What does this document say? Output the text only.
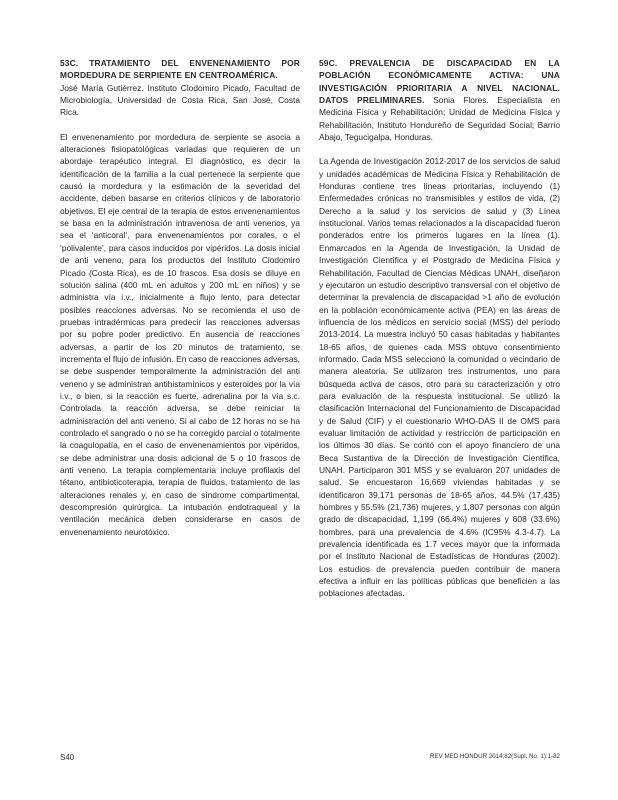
53C. TRATAMIENTO DEL ENVENENAMIENTO POR MORDEDURA DE SERPIENTE EN CENTROAMÉRICA.
José María Gutiérrez. Instituto Clodomiro Picado, Facultad de Microbiología, Universidad de Costa Rica, San José, Costa Rica.

El envenenamiento por mordedura de serpiente se asocia a alteraciones fisiopatológicas variadas que requieren de un abordaje terapéutico integral. El diagnóstico, es decir la identificación de la familia a la cual pertenece la serpiente que causó la mordedura y la estimación de la severidad del accidente, deben basarse en criterios clínicos y de laboratorio objetivos. El eje central de la terapia de estos envenenamientos se basa en la administración intravenosa de anti venenos, ya sea el ‘anticoral’, para envenenamientos por corales, o el ‘polivalente’, para casos inducidos por vipéridos. La dosis inicial de anti veneno, para los productos del Instituto Clodomiro Picado (Costa Rica), es de 10 frascos. Esa dosis se diluye en solución salina (400 mL en adultos y 200 mL en niños) y se administra vía i.v., inicialmente a flujo lento, para detectar posibles reacciones adversas. No se recomienda el uso de pruebas intradérmicas para predecir las reacciones adversas por su pobre poder predictivo. En ausencia de reacciones adversas, a partir de los 20 minutos de tratamiento, se incrementa el flujo de infusión. En caso de reacciones adversas, se debe suspender temporalmente la administración del anti veneno y se administran antihistamínicos y esteroides por la vía i.v., o bien, si la reacción es fuerte, adrenalina por la vía s.c. Controlada la reacción adversa, se debe reiniciar la administración del anti veneno. Si al cabo de 12 horas no se ha controlado el sangrado o no se ha corregido parcial o totalmente la coagulopatía, en el caso de envenenamientos por vipéridos, se debe administrar una dosis adicional de 5 o 10 frascos de anti veneno. La terapia complementaria incluye profilaxis del tétano, antibioticoterapia, terapia de fluidos, tratamiento de las alteraciones renales y, en caso de síndrome compartimental, descompresión quirúrgica. La intubación endotraqueal y la ventilación mecánica deben considerarse en casos de envenenamiento neurotóxico.

59C. PREVALENCIA DE DISCAPACIDAD EN LA POBLACIÓN ECONÓMICAMENTE ACTIVA: UNA INVESTIGACIÓN PRIORITARIA A NIVEL NACIONAL. DATOS PRELIMINARES. Sonia Flores. Especialista en Medicina Física y Rehabilitación; Unidad de Medicina Física y Rehabilitación, Instituto Hondureño de Seguridad Social; Barrio Abajo, Tegucigalpa, Honduras.

La Agenda de Investigación 2012-2017 de los servicios de salud y unidades académicas de Medicina Física y Rehabilitación de Honduras contiene tres líneas prioritarias, incluyendo (1) Enfermedades crónicas no transmisibles y estilos de vida, (2) Derecho a la salud y los servicios de salud y (3) Línea institucional. Varios temas relacionados a la discapacidad fueron ponderados entre los primeros lugares en la línea (1). Enmarcados en la Agenda de Investigación, la Unidad de Investigación Científica y el Postgrado de Medicina Física y Rehabilitación, Facultad de Ciencias Médicas UNAH, diseñaron y ejecutaron un estudio descriptivo transversal con el objetivo de determinar la prevalencia de discapacidad >1 año de evolución en la población económicamente activa (PEA) en las áreas de influencia de los médicos en servicio social (MSS) del período 2013-2014. La muestra incluyó 50 casas habitadas y habitantes 18-65 años, de quienes cada MSS obtuvo consentimiento informado. Cada MSS seleccionó la comunidad o vecindario de manera aleatoria. Se utilizaron tres instrumentos, uno para búsqueda activa de casos, otro para su caracterización y otro para evaluación de la respuesta institucional. Se utilizó la clasificación Internacional del Funcionamiento de Discapacidad y de Salud (CIF) y el cuestionario WHO-DAS II de OMS para evaluar limitación de actividad y restricción de participación en los últimos 30 días. Se contó con el apoyo financiero de una Beca Sustantiva de la Dirección de Investigación Científica, UNAH. Participaron 301 MSS y se evaluaron 207 unidades de salud. Se encuestaron 16,669 viviendas habitadas y se identificaron 39,171 personas de 18-65 años, 44.5% (17,435) hombres y 55.5% (21,736) mujeres, y 1,807 personas con algún grado de discapacidad, 1,199 (66.4%) mujeres y 608 (33.6%) hombres, para una prevalencia de 4.6% (IC95% 4.3-4.7). La prevalencia identificada es 1.7 veces mayor que la informada por el Instituto Nacional de Estadísticas de Honduras (2002). Los estudios de prevalencia pueden contribuir de manera efectiva a influir en las políticas públicas que beneficien a las poblaciones afectadas.

S40	REV MED HONDUR 2014;82(Supl. No. 1):1-82
